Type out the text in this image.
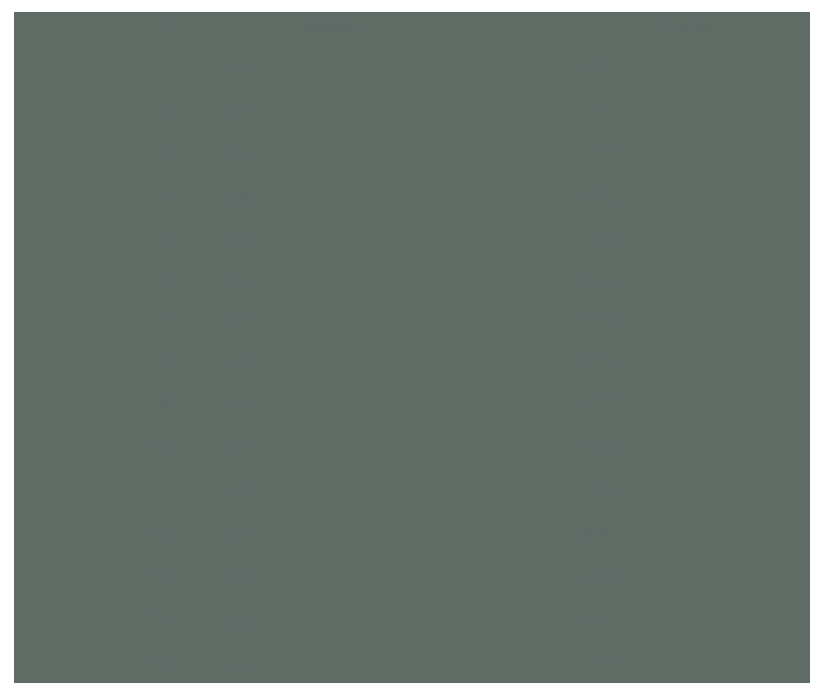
	ID	Measure		Result
	01	1.25		0.91
	02	4.50		1.04
	03	0.88		1.47
	04	2.06		0.73
	05	3.34		1.18
	06	0.42		2.05
	07	5.77		0.66
	08	1.93		3.12
	09	2.48		0.87
	10	0.59		4.26
	11	6.10		1.33
	12	0.77		2.94
	13	3.05		0.48
	14	1.62		5.01
	15	2.21		1.79
